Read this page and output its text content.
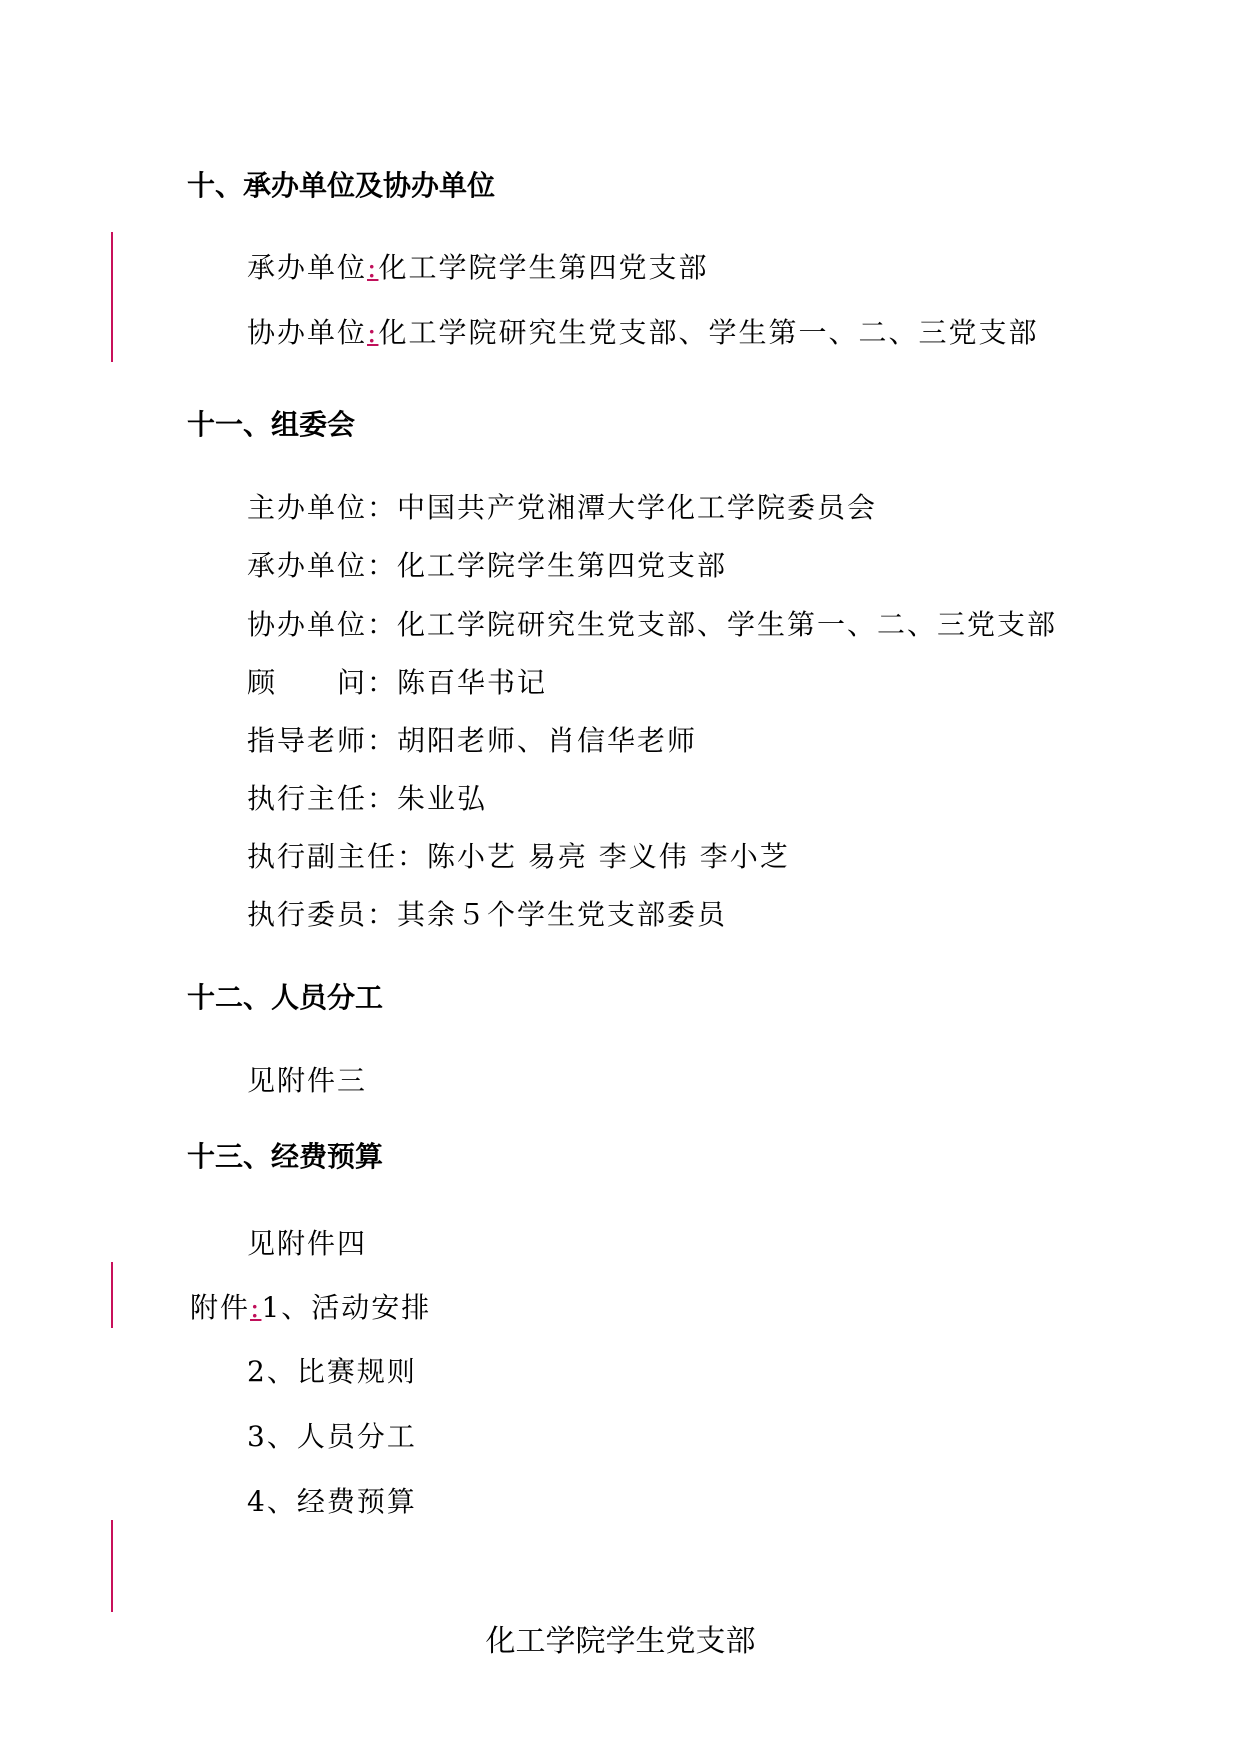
十、承办单位及协办单位
承办单位:化工学院学生第四党支部
协办单位:化工学院研究生党支部、学生第一、二、三党支部
十一、组委会
主办单位：中国共产党湘潭大学化工学院委员会
承办单位：化工学院学生第四党支部
协办单位：化工学院研究生党支部、学生第一、二、三党支部
顾　　问：陈百华书记
指导老师：胡阳老师、肖信华老师
执行主任：朱业弘
执行副主任：陈小艺 易亮 李义伟 李小芝
执行委员：其余５个学生党支部委员
十二、人员分工
见附件三
十三、经费预算
见附件四
附件:1、活动安排
2、比赛规则
3、人员分工
4、经费预算
化工学院学生党支部
